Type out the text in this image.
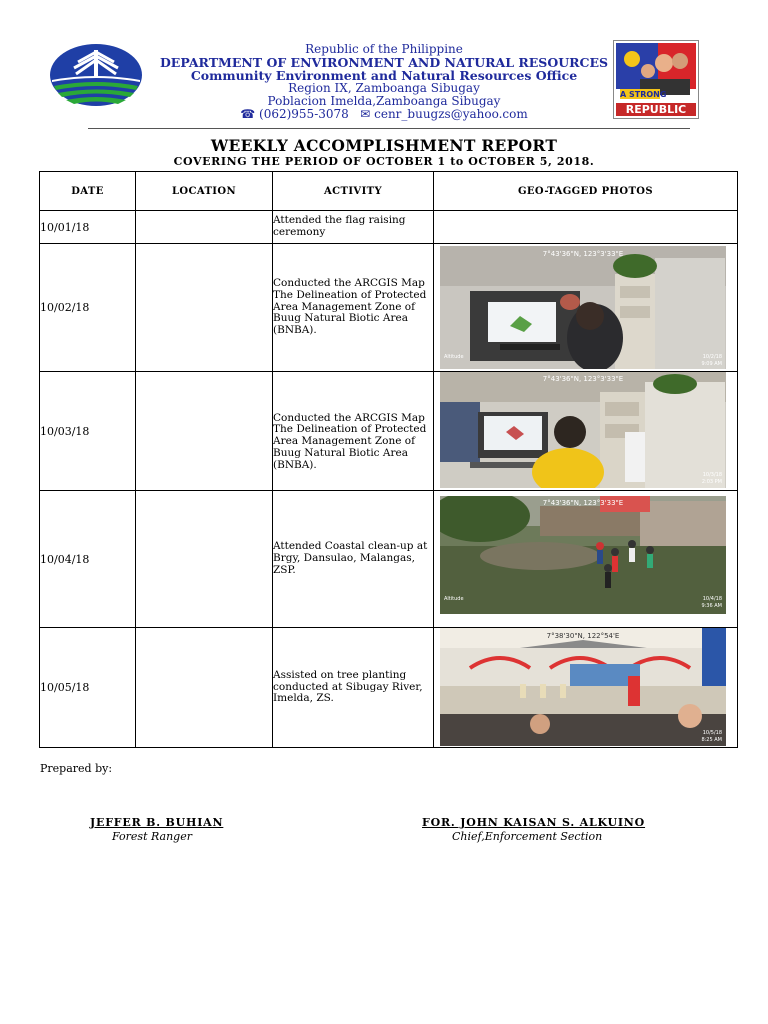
Republic of the Philippine
DEPARTMENT OF ENVIRONMENT AND NATURAL RESOURCES
Community Environment and Natural Resources Office
Region IX, Zamboanga Sibugay
Poblacion Imelda,Zamboanga Sibugay
☎ (062)955-3078 ✉ cenr_buugzs@yahoo.com
A STRONG
REPUBLIC
WEEKLY ACCOMPLISHMENT REPORT
COVERING THE PERIOD OF OCTOBER 1 to OCTOBER 5, 2018.
DATE	LOCATION	ACTIVITY	GEO-TAGGED PHOTOS
10/01/18		Attended the flag raising ceremony	
10/02/18		Conducted the ARCGIS Map The Delineation of Protected Area Management Zone of Buug Natural Biotic Area (BNBA).	7°43'36"N, 123°3'33"E
Altitude 10/2/18
9:09 AM

10/03/18		Conducted the ARCGIS Map The Delineation of Protected Area Management Zone of Buug Natural Biotic Area (BNBA).	7°43'36"N, 123°3'33"E
10/3/18
2:03 PM

10/04/18		Attended Coastal clean-up at Brgy, Dansulao, Malangas, ZSP.	7°43'36"N, 123°3'33"E
Altitude 10/4/18
9:36 AM

10/05/18		Assisted on tree planting conducted at Sibugay River, Imelda, ZS.	7°38'30"N, 122°54'E
10/5/18
8:25 AM
Prepared by:
JEFFER B. BUHIAN
Forest Ranger
FOR. JOHN KAISAN S. ALKUINO
Chief,Enforcement Section
